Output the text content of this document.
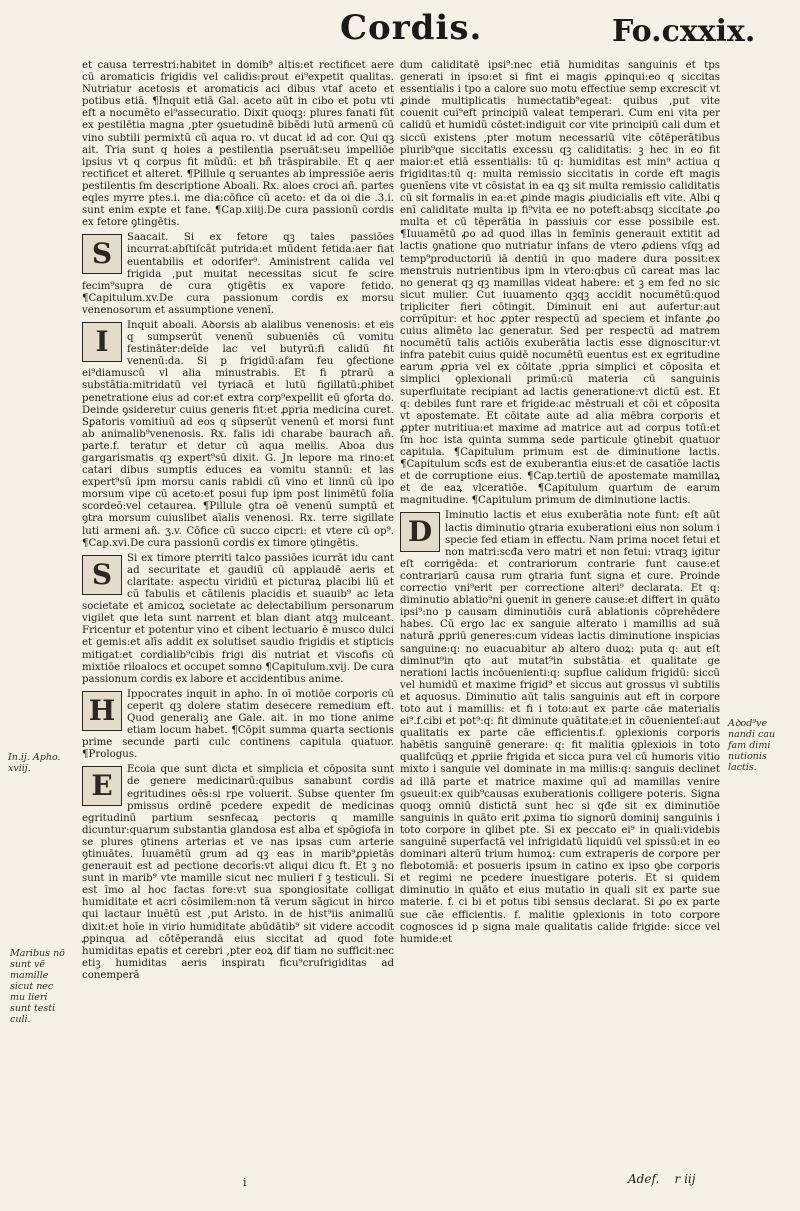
Cordis.	Fo.cxxix.

et causa terrestri:habitet in domib⁹ altis:et rectificet aere cū aromaticis frigidis vel calidis:prout ei⁹expetit qualitas. Nutriatur acetosis et aromaticis aci dibus vtaf aceto et potibus etiā. ¶Inquit etiā Gal. aceto aūt in cibo et potu vti eft a nocumēto ei⁹assecuratio. Dixit quoqꝫ: plures fanati fūt ex pestilētia magna ,pter ꝯsuetudinē bibēdi lutū armenū cū vino subtili permixtū cū aqua ro. vt ducat id ad cor. Qui qꝫ ait. Tria sunt q hoies a pestilentia pseruāt:seu impelliōe ipsius vt q corpus fit mūdū: et bñ trāspirabile. Et q aer rectificet et alteret. ¶Pillule q seruantes ab impressiōe aeris pestilentis ſm descriptione Aboali. Rx. aloes croci añ. partes eqles myrre ptes.i. me dia:cōfice cū aceto: et da oi die .3.i. sunt enim expte et fane. ¶Cap.xiiij.De cura passionū cordis ex fetore ꝯtingētis.

S	Saacait. Si ex fetore qꝫ tales passiōes incurrat:abſtiſcāt putrida:et mūdent fetida:aer fiat euentabilis et odorifer⁹. Aministrent calida vel frigida ,put muitat necessitas sicut fe scire fecim⁹supra de cura ꝯtigētis ex vapore fetido. ¶Capitulum.xv.De cura passionum cordis ex morsu venenosorum et assumptione venenī.

I	Inquit aboali. Aꝺorsis ab alalibus venenosis: et eis q sumpserūt venenū subueniēs cū vomitu festināter:deīde lac vel butyrū:fi calidū fit venenū:da. Si p frigidū:afam feu ꝯfectione ei⁹diamuscū vl alia minustrabis. Et fi ptrarū a substātia:mitridatū vel tyriacā et lutū figillatū:ꝓhibet penetratione eius ad cor:et extra corp⁹expellit eū ꝯforta do. Deinde ꝯsideretur cuius generis fit:et ꝓpria medicina curet. Sꝑatoris vomitiuū ad eos q sūpserūt venenū et morsi funt ab animalib⁹venenosis. Rx. falis idi charabe bauracħ añ. parte.f. teratur et detur cū aqua mellis. Aboa dus gargarismatis qꝫ expert⁹sū dixit. G. Jn lepore ma rino:et catari dibus sumptis educes ea vomitu stannū: et las expert⁹sū ipm morsu canis rabidi cū vino et linnū cū ipo morsum vipe cū aceto:et posui fup ipm post linimētū folia scordeō:vel cetaurea. ¶Pillule ꝯtra oē venenū sumptū et ꝯtra morsum cuiuslibet aīalis venenosi. Rx. terre sigillate luti armeni añ. ʒ.v. Cōfice cū succo cipcri: et vtere cū op⁹. ¶Cap.xvi.De cura passionū cordis ex timore ꝯtingētis.

S	Si ex timore pterriti talco passiōes icurrāt idu cant ad securitate et gaudiū cū applaudē aeris et claritate: aspectu viridiū et picturaꝝ placibi liū et cū fabulis et cātilenis placidis et suauib⁹ ac leta societate et amicoꝝ societate ac delectabilium personarum vigilet que leta sunt narrent et blan diant atqꝫ mulceant. Fricentur et potentur vino et cibent lectuario ē musco dulci et gemis:et alīs addit ex solutiset saudio frigidis et stipticis mitigat:et cordialib⁹cibis frigi dis nutriat et viscofis cū mixtiōe riloalocs et occupet somno ¶Capitulum.xvij. De cura passionum cordis ex labore et accidentibus anime.

H	Ippocrates inquit in apho. In oī motiōe corporis cū ceperit qꝫ dolere statim desecere remedium eft. Quod generaliꝫ ane Gale. ait. in mo tione anime etiam locum habet. ¶Cōpit summa quarta sectionis prime secunde parti culc continens capitula quatuor. ¶Prologus.

E	Ecoia que sunt dicta et simplicia et cōposita sunt de genere medicinarū:quibus sanabunt cordis egritudines oēs:si rpe voluerit. Subse quenter ſm pmissus ordinē pcedere expedit de medicinas egritudinū partium sesnfecaꝝ pectoris q mamille dicuntur:quarum substantia glandosa est alba et spōgiofa in se plures ꝯtinens arterias et ve nas ipsas cum arterie ꝯtinuātes. Iuuamētū grum ad qꝫ eas in marib⁹ꝓpietās generauit est ad pectione decorīs:vt aliqui dicu ft. Et ꝫ no sunt in marib⁹ vte mamille sicut nec mulieri f ꝫ testiculi. Si est īmo al hoc factas fore:vt sua spongiositate colligat humiditate et acri cōsimilem:non tā verum sāgicut in hirco qui lactaur inuētū est ,put Aristo. in de hist⁹iis animaliū dixit:et hoīe in virio humiditate abūdātib⁹ sit videre accodit ꝓpinqua ad cōtēperandā eius siccitat ad quod fote humiditas epatis et cerebri ,pter eoꝝ dif tiam no sufficit:nec etiꝫ humiditas aeris inspiratı ficu⁹cruſrigiditas ad conemperā

dum caliditatē ipsi⁹:nec etiā humiditas sanguinis et tps generati in ipso:et si fint ei magis ꝓpinqui:eo q siccitas essentialis i tpo a calore suo motu effectiue semp excrescit vt ꝓinde multiplicatis humectatib⁹egeat: quibus ,put vite couenit cui⁹eft principiū valeat temperari. Cum eni vita per calidū et humidū cōstet:indiguit cor vite principiū cali dum et siccū existens ,pter motum necessariū vite cōtēperātibus plurib⁹que siccitatis excessu qꝫ caliditatis: ꝫ hec in eo fit maior:et etiā essentialis: tū q: humiditas est min⁹ actiua q frigiditas:tū q: multa remissio siccitatis in corde eft magis ꝯuenīens vite vt cōsistat in ea qꝫ sit multa remissio caliditatis cū sit formalis in ea:et ꝓinde magis ꝓiudicialis eft vite. Albi q enī caliditate multa ip fi⁹vita ee no poteft:absqꝫ siccitate ꝓo multa et cū tēperātia in passiuis cor esse possibile est. ¶Iuuamētū ꝓo ad quod illas in femīnis generauit extitit ad lactis ꝯnatione quo nutriatur infans de vtero ꝓdiens vſqꝫ ad temp⁹productoriū iā dentiū in quo madere dura possit:ex menstruis nutrientibus ipm in vtero:qbus cū careat mas lac no generat qꝫ qꝫ mamillas videat habere: et ꝫ em fed no sic sicut mulier. Cut iuuamento qꝫqꝫ accidit nocumētū:quod tripliciter fieri cōtingit. Diminuit eni aut aufertur:aut corrūpitur: et hoc ꝓpter respectū ad speciem et infante ꝓo cuius alimēto lac generatur. Sed per respectū ad matrem nocumētū talis actiōis exuberātia lactis esse dignoscitur:vt infra patebit cuius quidē nocumētū euentus est ex egritudine earum ꝓpria vel ex cōitate ,ppria simplici et cōposita et simplici ꝯplexionali primū:cū materia cū sanguinis superfluitate recipiant ad lactis generatione:vt dictū est. Et q: debiles funt rare et frigide:ac mēstruali et cōi et cōposita vt apostemate. Et cōitate aute ad alia mēbra corporis et ꝓpter nutritiua:et maxime ad matrice aut ad corpus totū:et ſm hoc ista quinta summa sede particule ꝯtinebit quatuor capitula. ¶Capitulum primum est de diminutione lactis. ¶Capitulum scđs est de exuberantia eius:et de casatiōe lactis et de corruptione eius. ¶Cap.tertiū de apostemate mamillaꝝ et de eaꝝ vlceratiōe. ¶Capitulum quartum de earum magnitudine. ¶Capitulum primum de diminutione lactis.

D	Iminutio lactis et eius exuberātia note funt: eſt aūt lactis diminutio ꝯtraria exuberationi eius non solum i specie fed etiam in effectu. Nam prima nocet fetui et non matri:scđa vero matri et non fetui: vtraqꝫ igitur eſt corrigēda: et contrariorum contrarie funt cause:et contrariarū causa rum ꝯtraria funt signa et cure. Proinde correctio vni⁹erit per correctione alteri⁹ declarata. Et q: diminutio ablatio⁹ni ꝯuenit in genere cause:et differt in quāto ipsi⁹:no p causam diminutiōis curā ablationis cōprehēdere habes. Cū ergo lac ex sanguie alterato i mamillis ad suā naturā ꝓpriū generes:cum videas lactis diminutione inspicias sanguine:q: no euacuabitur ab altero duoꝝ: puta q: aut eſt diminut⁹in qto aut mutat⁹in substātia et qualitate ge nerationi lactis incōuenienti:q: supflue calidum frigidū: siccū vel humidū et maxime frigid⁹ et siccus aut grossus vl subtilis et aquosus. Diminutio aūt talis sanguinis aut eft in corpore toto aut i mamillis: et fi i toto:aut ex parte cāe materialis ei⁹.f.cibi et pot⁹:q: fit diminute quātitate:et in cōuenienteſ:aut qualitatis ex parte cāe efficientis.f. ꝯplexionis corporis habētis sanguinē generare: q: fit malitia ꝯplexiois in toto qualifcūqꝫ et ꝓpriie frigida et sicca pura vel cū humoris vitio mixto i sanguie vel dominate in ma millis:q: sanguis declinet ad illā parte et matrice maxime quī ad mamillas venire ꝯsueuit:ex quib⁹causas exuberationis colligere poteris. Signa quoqꝫ omniū distictā sunt hec si qđe sit ex diminutiōe sanguinis in quāto erit ꝓxima tio signorū dominij sanguinis i toto corpore in ꝗlibet pte. Si ex peccato ei⁹ in quali:videbis sanguinē superfactā vel infrigidatū liquidū vel spissū:et in eo dominari alterū trium humoꝝ: cum extraperis de corpore per flebotomiā: et posueris ipsum in catino ex ipso ꝯbe corporis et regimi ne pcedere inuestigare poteris. Et si quidem diminutio in quāto et eius mutatio in quali sit ex parte sue materie. f. ci bi et potus tibi sensus declarat. Si ꝓo ex parte sue cāe efficientis. f. malitie ꝯplexionis in toto corpore cognosces id p signa male qualitatis calide frigide: sicce vel humide:et

In.ij. Apho. xviij.
Maribus nō sunt vē mamille sicut nec mu lieri sunt testi culi.
Aꝺod⁹ve nandi cau fam dimi nutionis lactis.
i	Adef. r iij
